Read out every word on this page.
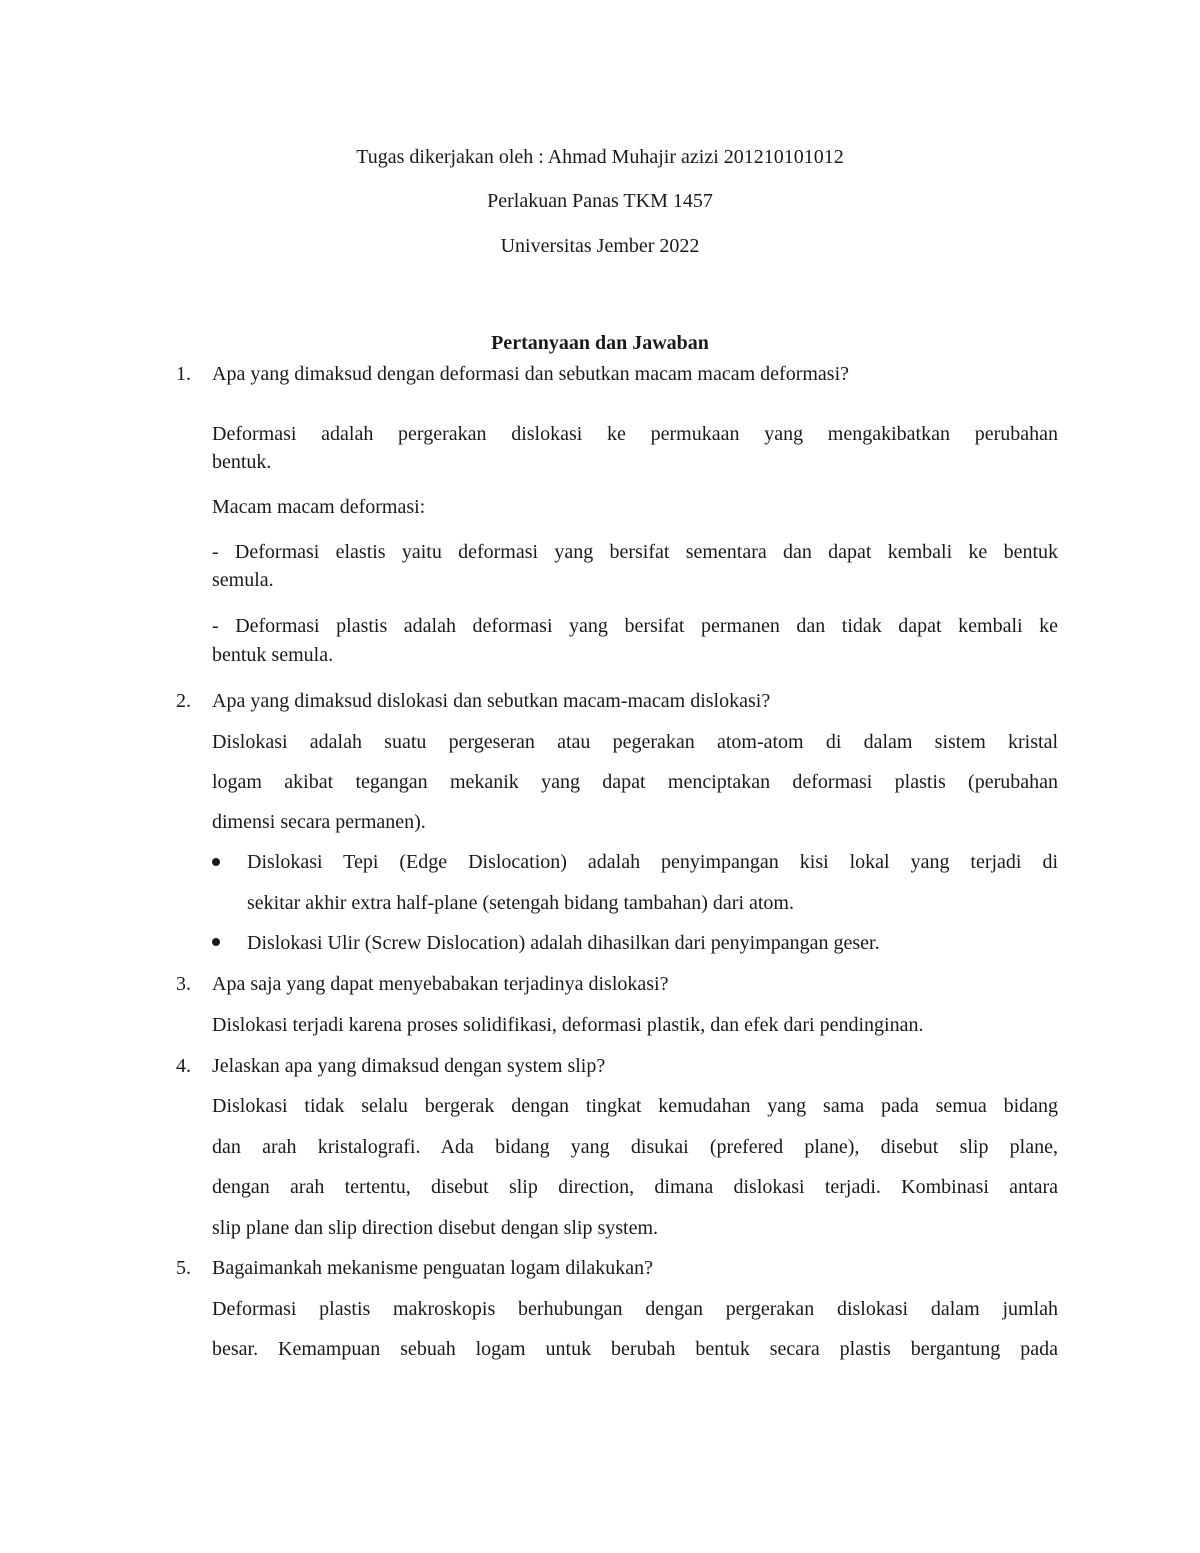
Tugas dikerjakan oleh : Ahmad Muhajir azizi 201210101012
Perlakuan Panas TKM 1457
Universitas Jember 2022
Pertanyaan dan Jawaban
1. Apa yang dimaksud dengan deformasi dan sebutkan macam macam deformasi?
Deformasi adalah pergerakan dislokasi ke permukaan yang mengakibatkan perubahan
bentuk.
Macam macam deformasi:
- Deformasi elastis yaitu deformasi yang bersifat sementara dan dapat kembali ke bentuk
semula.
- Deformasi plastis adalah deformasi yang bersifat permanen dan tidak dapat kembali ke
bentuk semula.
2. Apa yang dimaksud dislokasi dan sebutkan macam-macam dislokasi?
Dislokasi adalah suatu pergeseran atau pegerakan atom-atom di dalam sistem kristal
logam akibat tegangan mekanik yang dapat menciptakan deformasi plastis (perubahan
dimensi secara permanen).
Dislokasi Tepi (Edge Dislocation) adalah penyimpangan kisi lokal yang terjadi di
sekitar akhir extra half-plane (setengah bidang tambahan) dari atom.
Dislokasi Ulir (Screw Dislocation) adalah dihasilkan dari penyimpangan geser.
3. Apa saja yang dapat menyebabakan terjadinya dislokasi?
Dislokasi terjadi karena proses solidifikasi, deformasi plastik, dan efek dari pendinginan.
4. Jelaskan apa yang dimaksud dengan system slip?
Dislokasi tidak selalu bergerak dengan tingkat kemudahan yang sama pada semua bidang
dan arah kristalografi. Ada bidang yang disukai (prefered plane), disebut slip plane,
dengan arah tertentu, disebut slip direction, dimana dislokasi terjadi. Kombinasi antara
slip plane dan slip direction disebut dengan slip system.
5. Bagaimankah mekanisme penguatan logam dilakukan?
Deformasi plastis makroskopis berhubungan dengan pergerakan dislokasi dalam jumlah
besar. Kemampuan sebuah logam untuk berubah bentuk secara plastis bergantung pada
